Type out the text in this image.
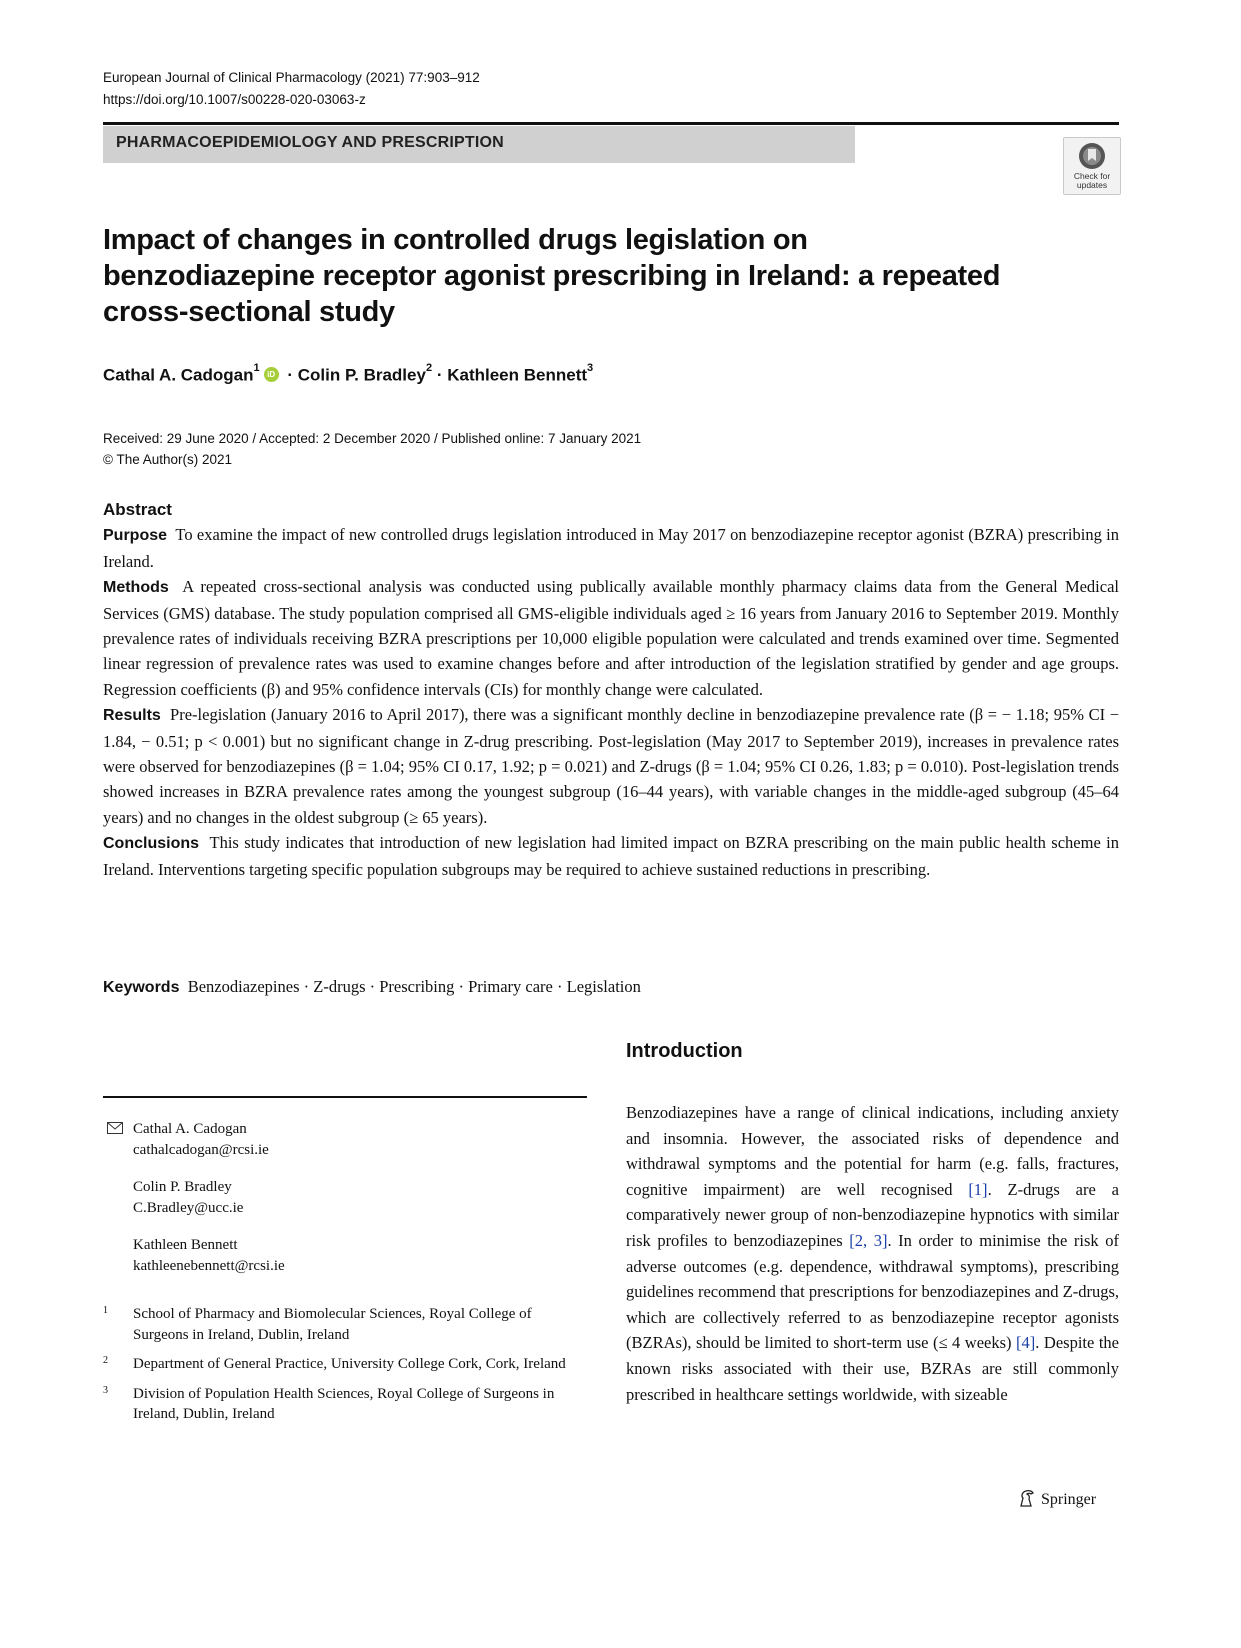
European Journal of Clinical Pharmacology (2021) 77:903–912
https://doi.org/10.1007/s00228-020-03063-z
PHARMACOEPIDEMIOLOGY AND PRESCRIPTION
Check for
updates
Impact of changes in controlled drugs legislation on benzodiazepine receptor agonist prescribing in Ireland: a repeated cross-sectional study
Cathal A. Cadogan$^1$iD · Colin P. Bradley$^2$ · Kathleen Bennett$^3$
Received: 29 June 2020 / Accepted: 2 December 2020 / Published online: 7 January 2021
© The Author(s) 2021

Abstract

Purpose To examine the impact of new controlled drugs legislation introduced in May 2017 on benzodiazepine receptor agonist (BZRA) prescribing in Ireland.

Methods A repeated cross-sectional analysis was conducted using publically available monthly pharmacy claims data from the General Medical Services (GMS) database. The study population comprised all GMS-eligible individuals aged ≥ 16 years from January 2016 to September 2019. Monthly prevalence rates of individuals receiving BZRA prescriptions per 10,000 eligible population were calculated and trends examined over time. Segmented linear regression of prevalence rates was used to examine changes before and after introduction of the legislation stratified by gender and age groups. Regression coefficients (β) and 95% confidence intervals (CIs) for monthly change were calculated.

Results Pre-legislation (January 2016 to April 2017), there was a significant monthly decline in benzodiazepine prevalence rate (β = − 1.18; 95% CI − 1.84, − 0.51; p < 0.001) but no significant change in Z-drug prescribing. Post-legislation (May 2017 to September 2019), increases in prevalence rates were observed for benzodiazepines (β = 1.04; 95% CI 0.17, 1.92; p = 0.021) and Z-drugs (β = 1.04; 95% CI 0.26, 1.83; p = 0.010). Post-legislation trends showed increases in BZRA prevalence rates among the youngest subgroup (16–44 years), with variable changes in the middle-aged subgroup (45–64 years) and no changes in the oldest subgroup (≥ 65 years).

Conclusions This study indicates that introduction of new legislation had limited impact on BZRA prescribing on the main public health scheme in Ireland. Interventions targeting specific population subgroups may be required to achieve sustained reductions in prescribing.

Keywords Benzodiazepines · Z-drugs · Prescribing · Primary care · Legislation
Introduction
Benzodiazepines have a range of clinical indications, including anxiety and insomnia. However, the associated risks of dependence and withdrawal symptoms and the potential for harm (e.g. falls, fractures, cognitive impairment) are well recognised [1]. Z-drugs are a comparatively newer group of non-benzodiazepine hypnotics with similar risk profiles to benzodiazepines [2, 3]. In order to minimise the risk of adverse outcomes (e.g. dependence, withdrawal symptoms), prescribing guidelines recommend that prescriptions for benzodiazepines and Z-drugs, which are collectively referred to as benzodiazepine receptor agonists (BZRAs), should be limited to short-term use (≤ 4 weeks) [4]. Despite the known risks associated with their use, BZRAs are still commonly prescribed in healthcare settings worldwide, with sizeable
Cathal A. Cadogan
cathalcadogan@rcsi.ie
Colin P. Bradley
C.Bradley@ucc.ie
Kathleen Bennett
kathleenebennett@rcsi.ie
1 School of Pharmacy and Biomolecular Sciences, Royal College of Surgeons in Ireland, Dublin, Ireland
2 Department of General Practice, University College Cork, Cork, Ireland
3 Division of Population Health Sciences, Royal College of Surgeons in Ireland, Dublin, Ireland
Springer
